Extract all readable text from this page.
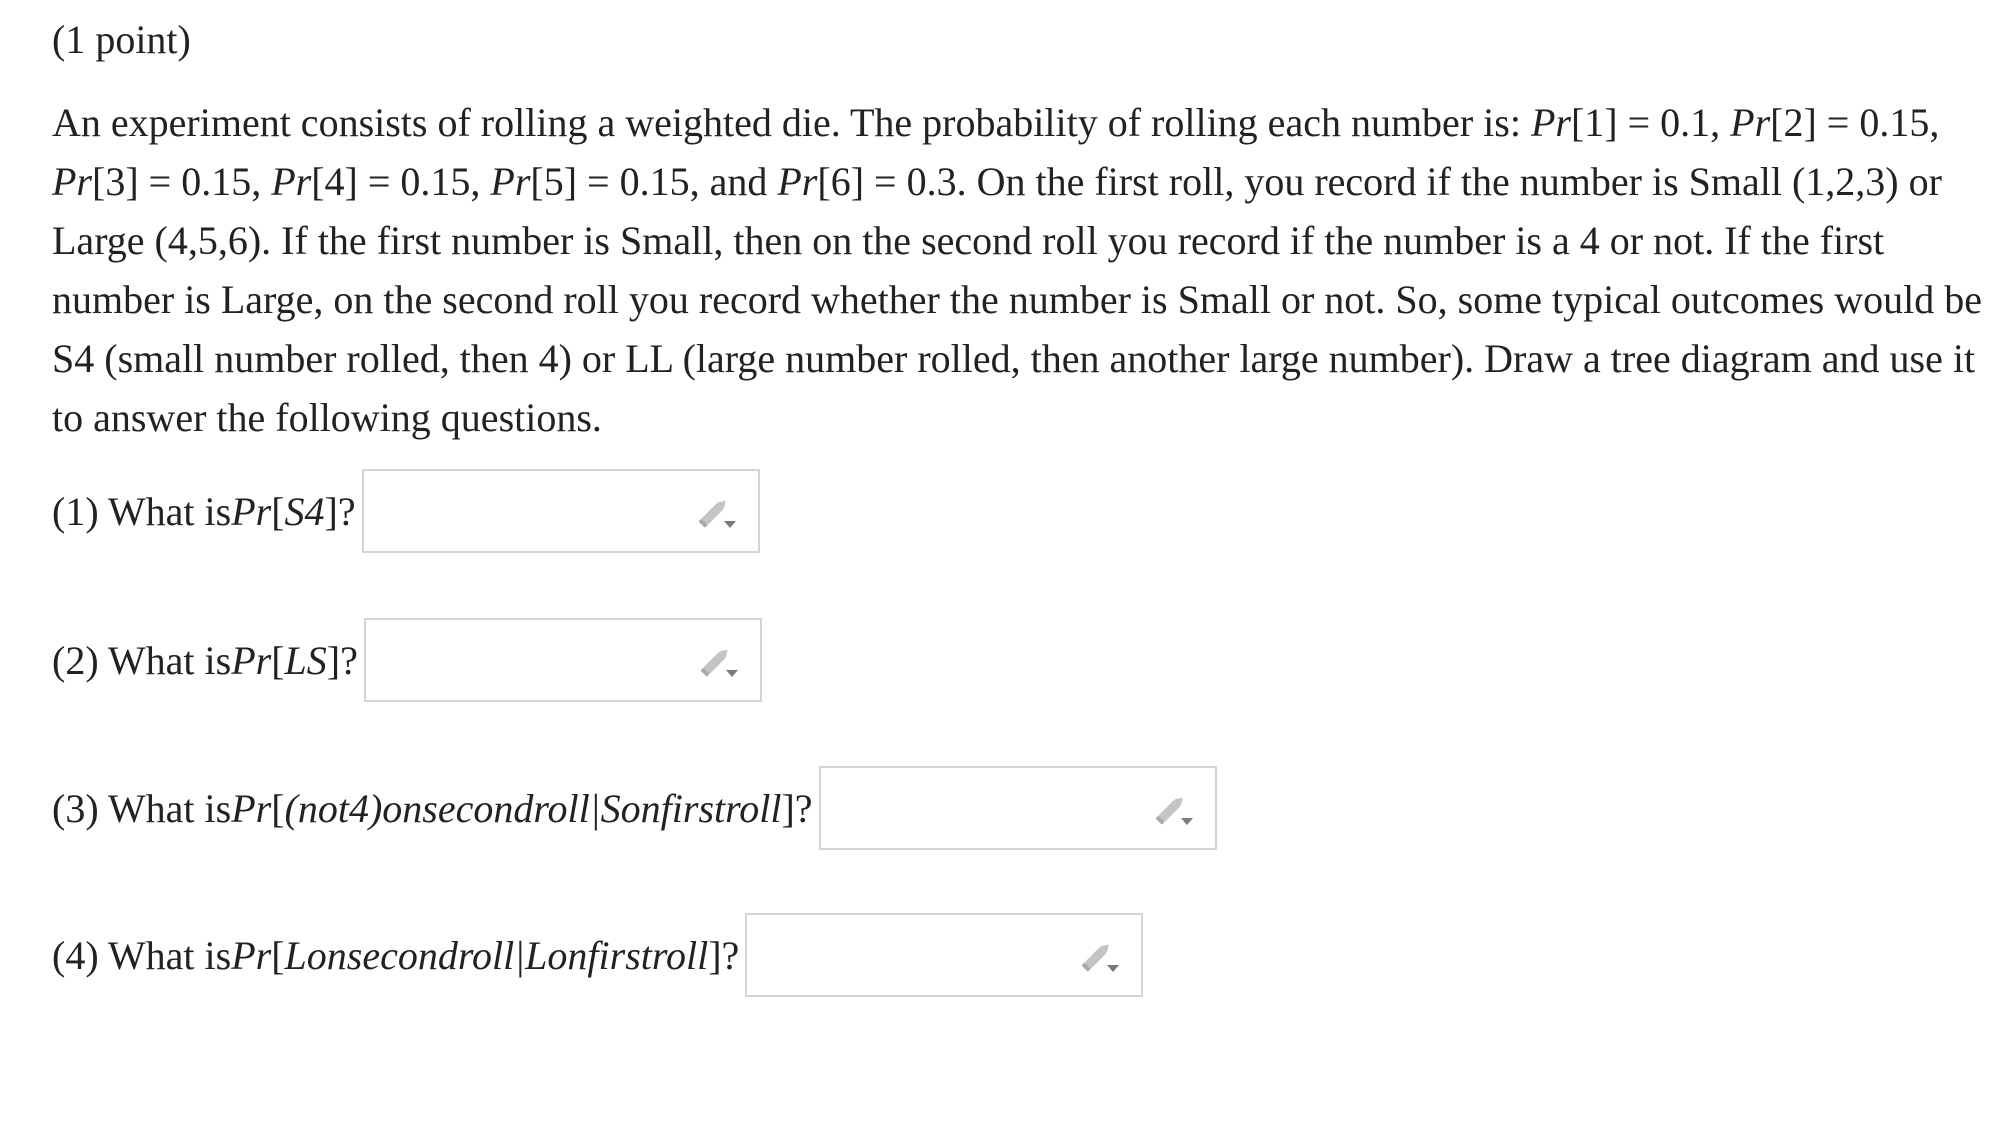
(1 point)

An experiment consists of rolling a weighted die. The probability of rolling each number is: Pr[1] = 0.1, Pr[2] = 0.15, Pr[3] = 0.15, Pr[4] = 0.15, Pr[5] = 0.15, and Pr[6] = 0.3. On the first roll, you record if the number is Small (1,2,3) or Large (4,5,6). If the first number is Small, then on the second roll you record if the number is a 4 or not. If the first number is Large, on the second roll you record whether the number is Small or not. So, some typical outcomes would be S4 (small number rolled, then 4) or LL (large number rolled, then another large number). Draw a tree diagram and use it to answer the following questions.

(1) What is Pr [ S4 ] ?
(2) What is Pr [ LS ] ?
(3) What is Pr [ (not4)onsecondroll|Sonfirstroll ] ?
(4) What is Pr [ Lonsecondroll|Lonfirstroll ] ?
